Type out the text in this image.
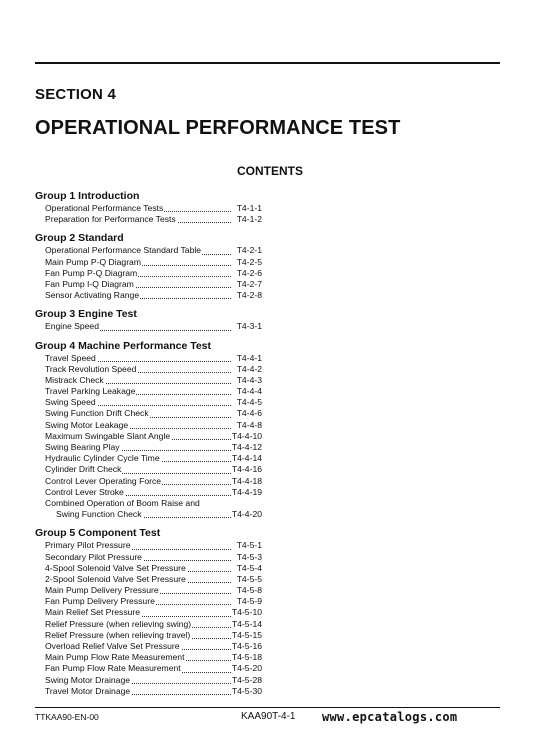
SECTION 4
OPERATIONAL PERFORMANCE TEST
CONTENTS
Group 1 Introduction
Operational Performance Tests	T4-1-1
Preparation for Performance Tests	T4-1-2
Group 2 Standard
Operational Performance Standard Table	T4-2-1
Main Pump P-Q Diagram	T4-2-5
Fan Pump P-Q Diagram	T4-2-6
Fan Pump I-Q Diagram	T4-2-7
Sensor Activating Range	T4-2-8
Group 3 Engine Test
Engine Speed	T4-3-1
Group 4 Machine Performance Test
Travel Speed	T4-4-1
Track Revolution Speed	T4-4-2
Mistrack Check	T4-4-3
Travel Parking Leakage	T4-4-4
Swing Speed	T4-4-5
Swing Function Drift Check	T4-4-6
Swing Motor Leakage	T4-4-8
Maximum Swingable Slant Angle	T4-4-10
Swing Bearing Play	T4-4-12
Hydraulic Cylinder Cycle Time	T4-4-14
Cylinder Drift Check	T4-4-16
Control Lever Operating Force	T4-4-18
Control Lever Stroke	T4-4-19
Combined Operation of Boom Raise and
Swing Function Check	T4-4-20
Group 5 Component Test
Primary Pilot Pressure	T4-5-1
Secondary Pilot Pressure	T4-5-3
4-Spool Solenoid Valve Set Pressure	T4-5-4
2-Spool Solenoid Valve Set Pressure	T4-5-5
Main Pump Delivery Pressure	T4-5-8
Fan Pump Delivery Pressure	T4-5-9
Main Relief Set Pressure	T4-5-10
Relief Pressure (when relieving swing)	T4-5-14
Relief Pressure (when relieving travel)	T4-5-15
Overload Relief Valve Set Pressure	T4-5-16
Main Pump Flow Rate Measurement	T4-5-18
Fan Pump Flow Rate Measurement	T4-5-20
Swing Motor Drainage	T4-5-28
Travel Motor Drainage	T4-5-30
TTKAA90-EN-00	KAA90T-4-1 www.epcatalogs.com
